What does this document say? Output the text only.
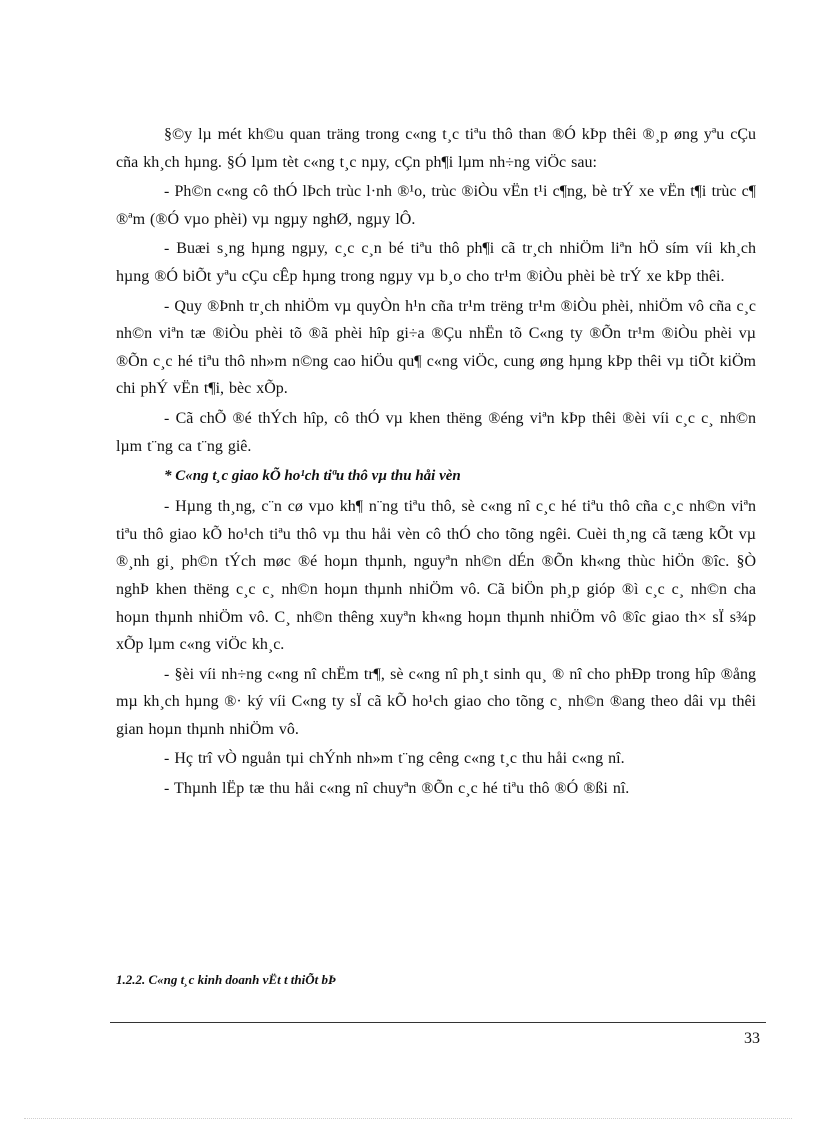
§©y lµ mét kh©u quan träng trong c«ng t¸c tiªu thô than ®Ó kÞp thêi ®¸p øng yªu cÇu cña kh¸ch hµng. §Ó lµm tèt c«ng t¸c nµy, cÇn ph¶i lµm nh÷ng viÖc sau:

- Ph©n c«ng cô thÓ lÞch trùc l·nh ®¹o, trùc ®iÒu vËn t¹i c¶ng, bè trÝ xe vËn t¶i trùc c¶ ®ªm (®Ó vµo phèi) vµ ngµy nghØ, ngµy lÔ.

- Buæi s¸ng hµng ngµy, c¸c c¸n bé tiªu thô ph¶i cã tr¸ch nhiÖm liªn hÖ sím víi kh¸ch hµng ®Ó biÕt yªu cÇu cÊp hµng trong ngµy vµ b¸o cho tr¹m ®iÒu phèi bè trÝ xe kÞp thêi.

- Quy ®Þnh tr¸ch nhiÖm vµ quyÒn h¹n cña tr¹m trëng tr¹m ®iÒu phèi, nhiÖm vô cña c¸c nh©n viªn tæ ®iÒu phèi tõ ®ã phèi hîp gi÷a ®Çu nhËn tõ C«ng ty ®Õn tr¹m ®iÒu phèi vµ ®Õn c¸c hé tiªu thô nh»m n©ng cao hiÖu qu¶ c«ng viÖc, cung øng hµng kÞp thêi vµ tiÕt kiÖm chi phÝ vËn t¶i, bèc xÕp.

- Cã chÕ ®é thÝch hîp, cô thÓ vµ khen thëng ®éng viªn kÞp thêi ®èi víi c¸c c¸ nh©n lµm t¨ng ca t¨ng giê.

* C«ng t¸c giao kÕ ho¹ch tiªu thô vµ thu håi vèn

- Hµng th¸ng, c¨n cø vµo kh¶ n¨ng tiªu thô, sè c«ng nî c¸c hé tiªu thô cña c¸c nh©n viªn tiªu thô giao kÕ ho¹ch tiªu thô vµ thu håi vèn cô thÓ cho tõng ngêi. Cuèi th¸ng cã tæng kÕt vµ ®¸nh gi¸ ph©n tÝch møc ®é hoµn thµnh, nguyªn nh©n dÉn ®Õn kh«ng thùc hiÖn ®îc. §Ò nghÞ khen thëng c¸c c¸ nh©n hoµn thµnh nhiÖm vô. Cã biÖn ph¸p gióp ®ì c¸c c¸ nh©n cha hoµn thµnh nhiÖm vô. C¸ nh©n thêng xuyªn kh«ng hoµn thµnh nhiÖm vô ®îc giao th× sÏ s¾p xÕp lµm c«ng viÖc kh¸c.

- §èi víi nh÷ng c«ng nî chËm tr¶, sè c«ng nî ph¸t sinh qu¸ ® nî cho phÐp trong hîp ®ång mµ kh¸ch hµng ®· ký víi C«ng ty sÏ cã kÕ ho¹ch giao cho tõng c¸ nh©n ®ang theo dâi vµ thêi gian hoµn thµnh nhiÖm vô.

- Hç trî vÒ nguån tµi chÝnh nh»m t¨ng cêng c«ng t¸c thu håi c«ng nî.

- Thµnh lËp tæ thu håi c«ng nî chuyªn ®Õn c¸c hé tiªu thô ®Ó ®ßi nî.

1.2.2. C«ng t¸c kinh doanh vËt t thiÕt bÞ
33
